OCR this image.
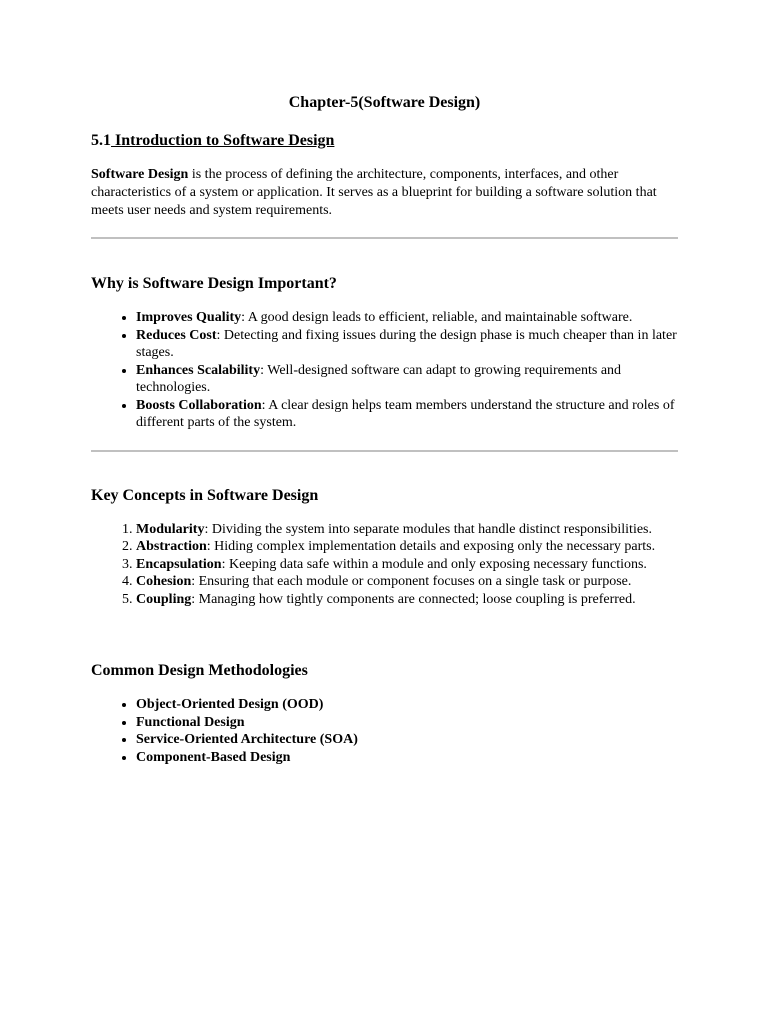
Chapter-5(Software Design)
5.1 Introduction to Software Design

Software Design is the process of defining the architecture, components, interfaces, and other characteristics of a system or application. It serves as a blueprint for building a software solution that meets user needs and system requirements.

Why is Software Design Important?
• Improves Quality: A good design leads to efficient, reliable, and maintainable software.
• Reduces Cost: Detecting and fixing issues during the design phase is much cheaper than in later stages.
• Enhances Scalability: Well-designed software can adapt to growing requirements and technologies.
• Boosts Collaboration: A clear design helps team members understand the structure and roles of different parts of the system.
Key Concepts in Software Design
1. Modularity: Dividing the system into separate modules that handle distinct responsibilities.
2. Abstraction: Hiding complex implementation details and exposing only the necessary parts.
3. Encapsulation: Keeping data safe within a module and only exposing necessary functions.
4. Cohesion: Ensuring that each module or component focuses on a single task or purpose.
5. Coupling: Managing how tightly components are connected; loose coupling is preferred.
Common Design Methodologies
• Object-Oriented Design (OOD)
• Functional Design
• Service-Oriented Architecture (SOA)
• Component-Based Design
